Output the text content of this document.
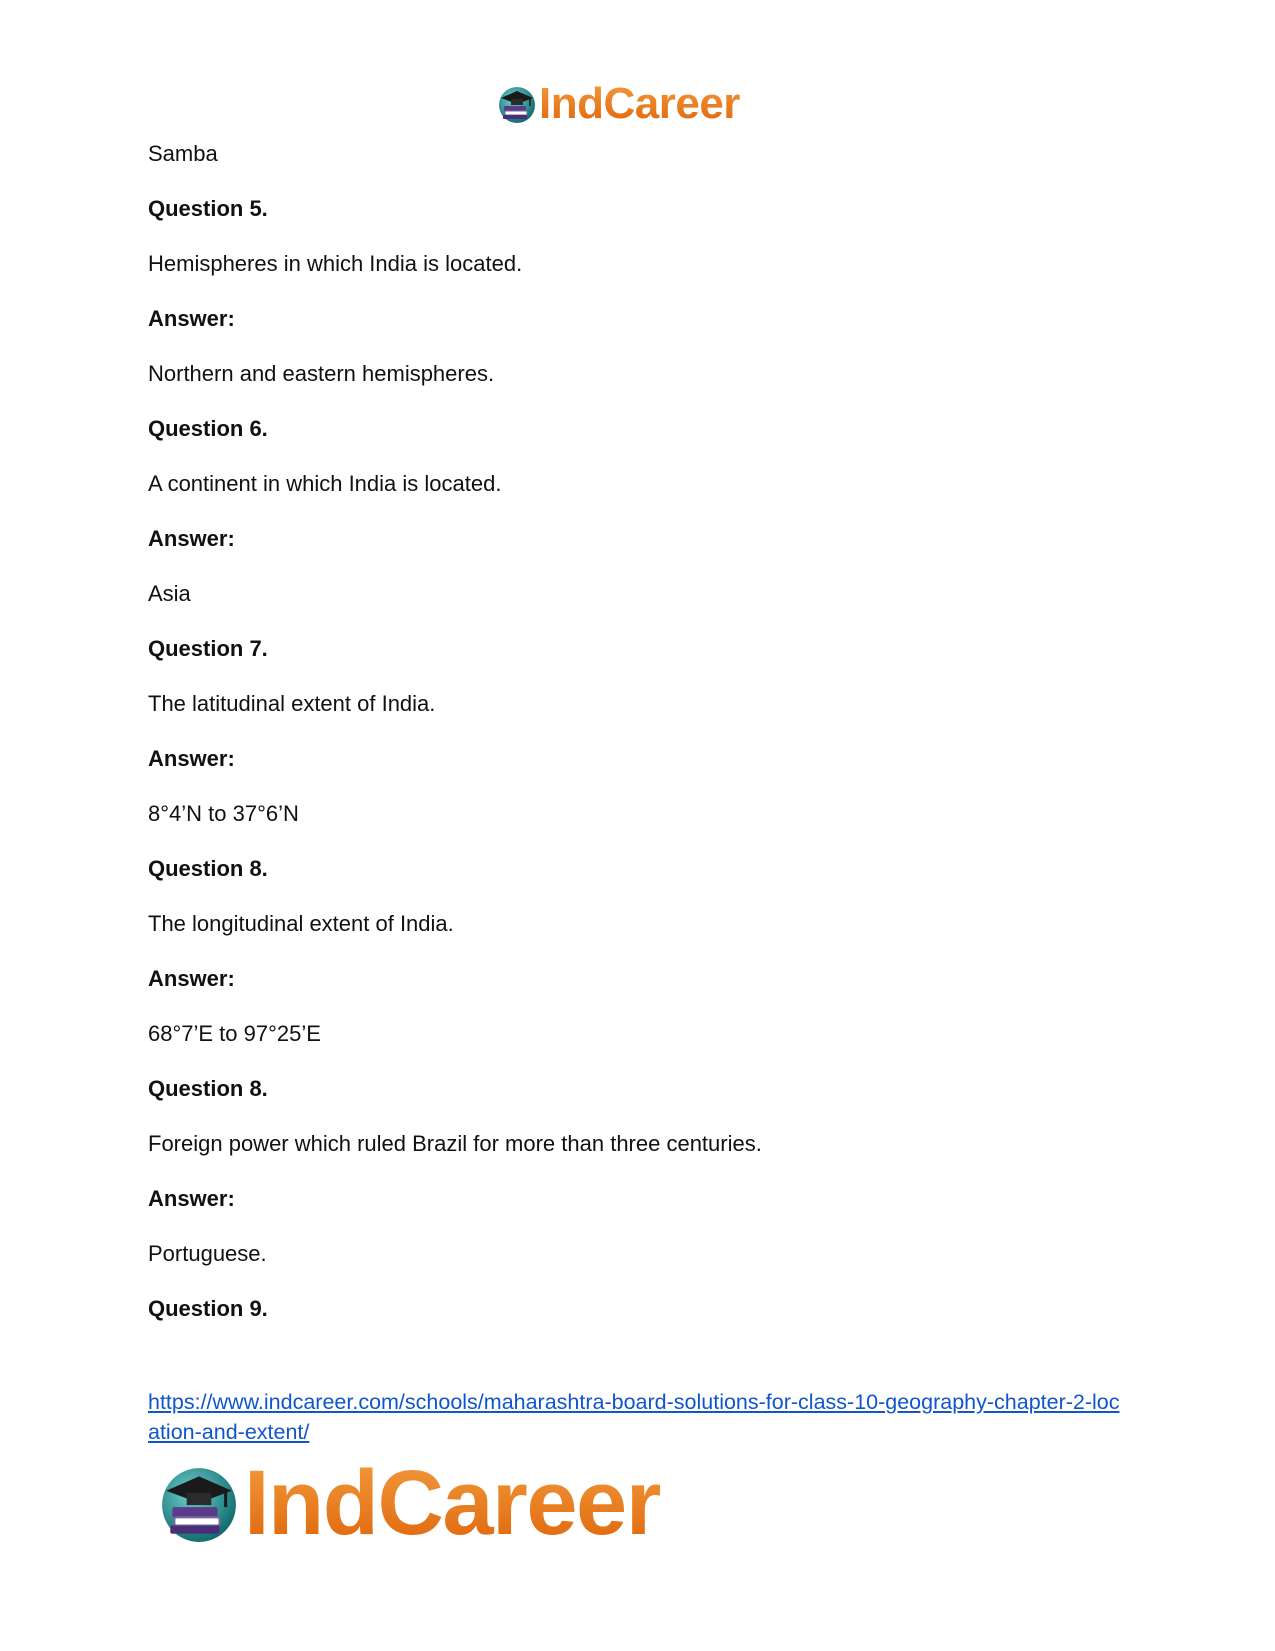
IndCareer
Samba
Question 5.
Hemispheres in which India is located.
Answer:
Northern and eastern hemispheres.
Question 6.
A continent in which India is located.
Answer:
Asia
Question 7.
The latitudinal extent of India.
Answer:
8°4’N to 37°6’N
Question 8.
The longitudinal extent of India.
Answer:
68°7’E to 97°25’E
Question 8.
Foreign power which ruled Brazil for more than three centuries.
Answer:
Portuguese.
Question 9.
https://www.indcareer.com/schools/maharashtra-board-solutions-for-class-10-geography-chapter-2-location-and-extent/
IndCareer
